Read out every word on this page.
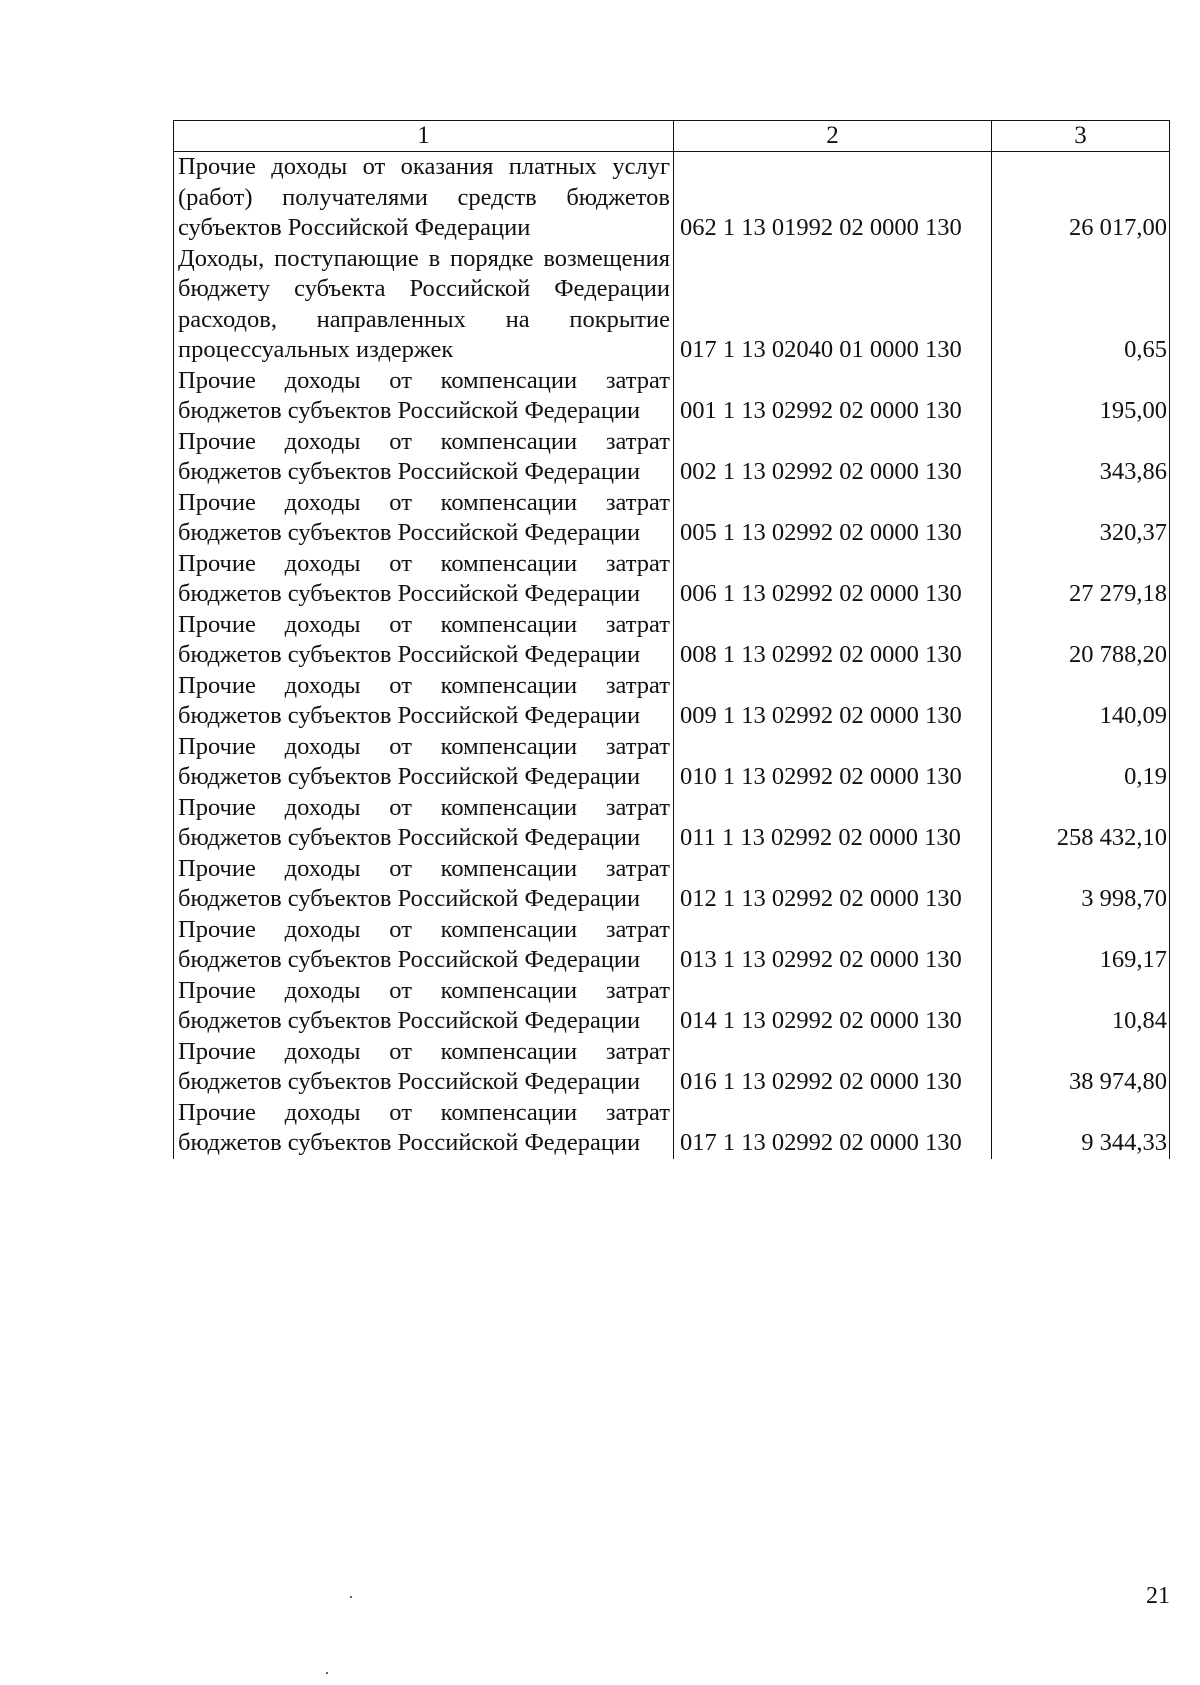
1	2	3
Прочие доходы от оказания платных услуг (работ) получателями средств бюджетов субъектов Российской Федерации	062 1 13 01992 02 0000 130	26 017,00
Доходы, поступающие в порядке возмещения бюджету субъекта Российской Федерации расходов, направленных на покрытие процессуальных издержек	017 1 13 02040 01 0000 130	0,65
Прочие доходы от компенсации затрат бюджетов субъектов Российской Федерации	001 1 13 02992 02 0000 130	195,00
Прочие доходы от компенсации затрат бюджетов субъектов Российской Федерации	002 1 13 02992 02 0000 130	343,86
Прочие доходы от компенсации затрат бюджетов субъектов Российской Федерации	005 1 13 02992 02 0000 130	320,37
Прочие доходы от компенсации затрат бюджетов субъектов Российской Федерации	006 1 13 02992 02 0000 130	27 279,18
Прочие доходы от компенсации затрат бюджетов субъектов Российской Федерации	008 1 13 02992 02 0000 130	20 788,20
Прочие доходы от компенсации затрат бюджетов субъектов Российской Федерации	009 1 13 02992 02 0000 130	140,09
Прочие доходы от компенсации затрат бюджетов субъектов Российской Федерации	010 1 13 02992 02 0000 130	0,19
Прочие доходы от компенсации затрат бюджетов субъектов Российской Федерации	011 1 13 02992 02 0000 130	258 432,10
Прочие доходы от компенсации затрат бюджетов субъектов Российской Федерации	012 1 13 02992 02 0000 130	3 998,70
Прочие доходы от компенсации затрат бюджетов субъектов Российской Федерации	013 1 13 02992 02 0000 130	169,17
Прочие доходы от компенсации затрат бюджетов субъектов Российской Федерации	014 1 13 02992 02 0000 130	10,84
Прочие доходы от компенсации затрат бюджетов субъектов Российской Федерации	016 1 13 02992 02 0000 130	38 974,80
Прочие доходы от компенсации затрат бюджетов субъектов Российской Федерации	017 1 13 02992 02 0000 130	9 344,33
21
